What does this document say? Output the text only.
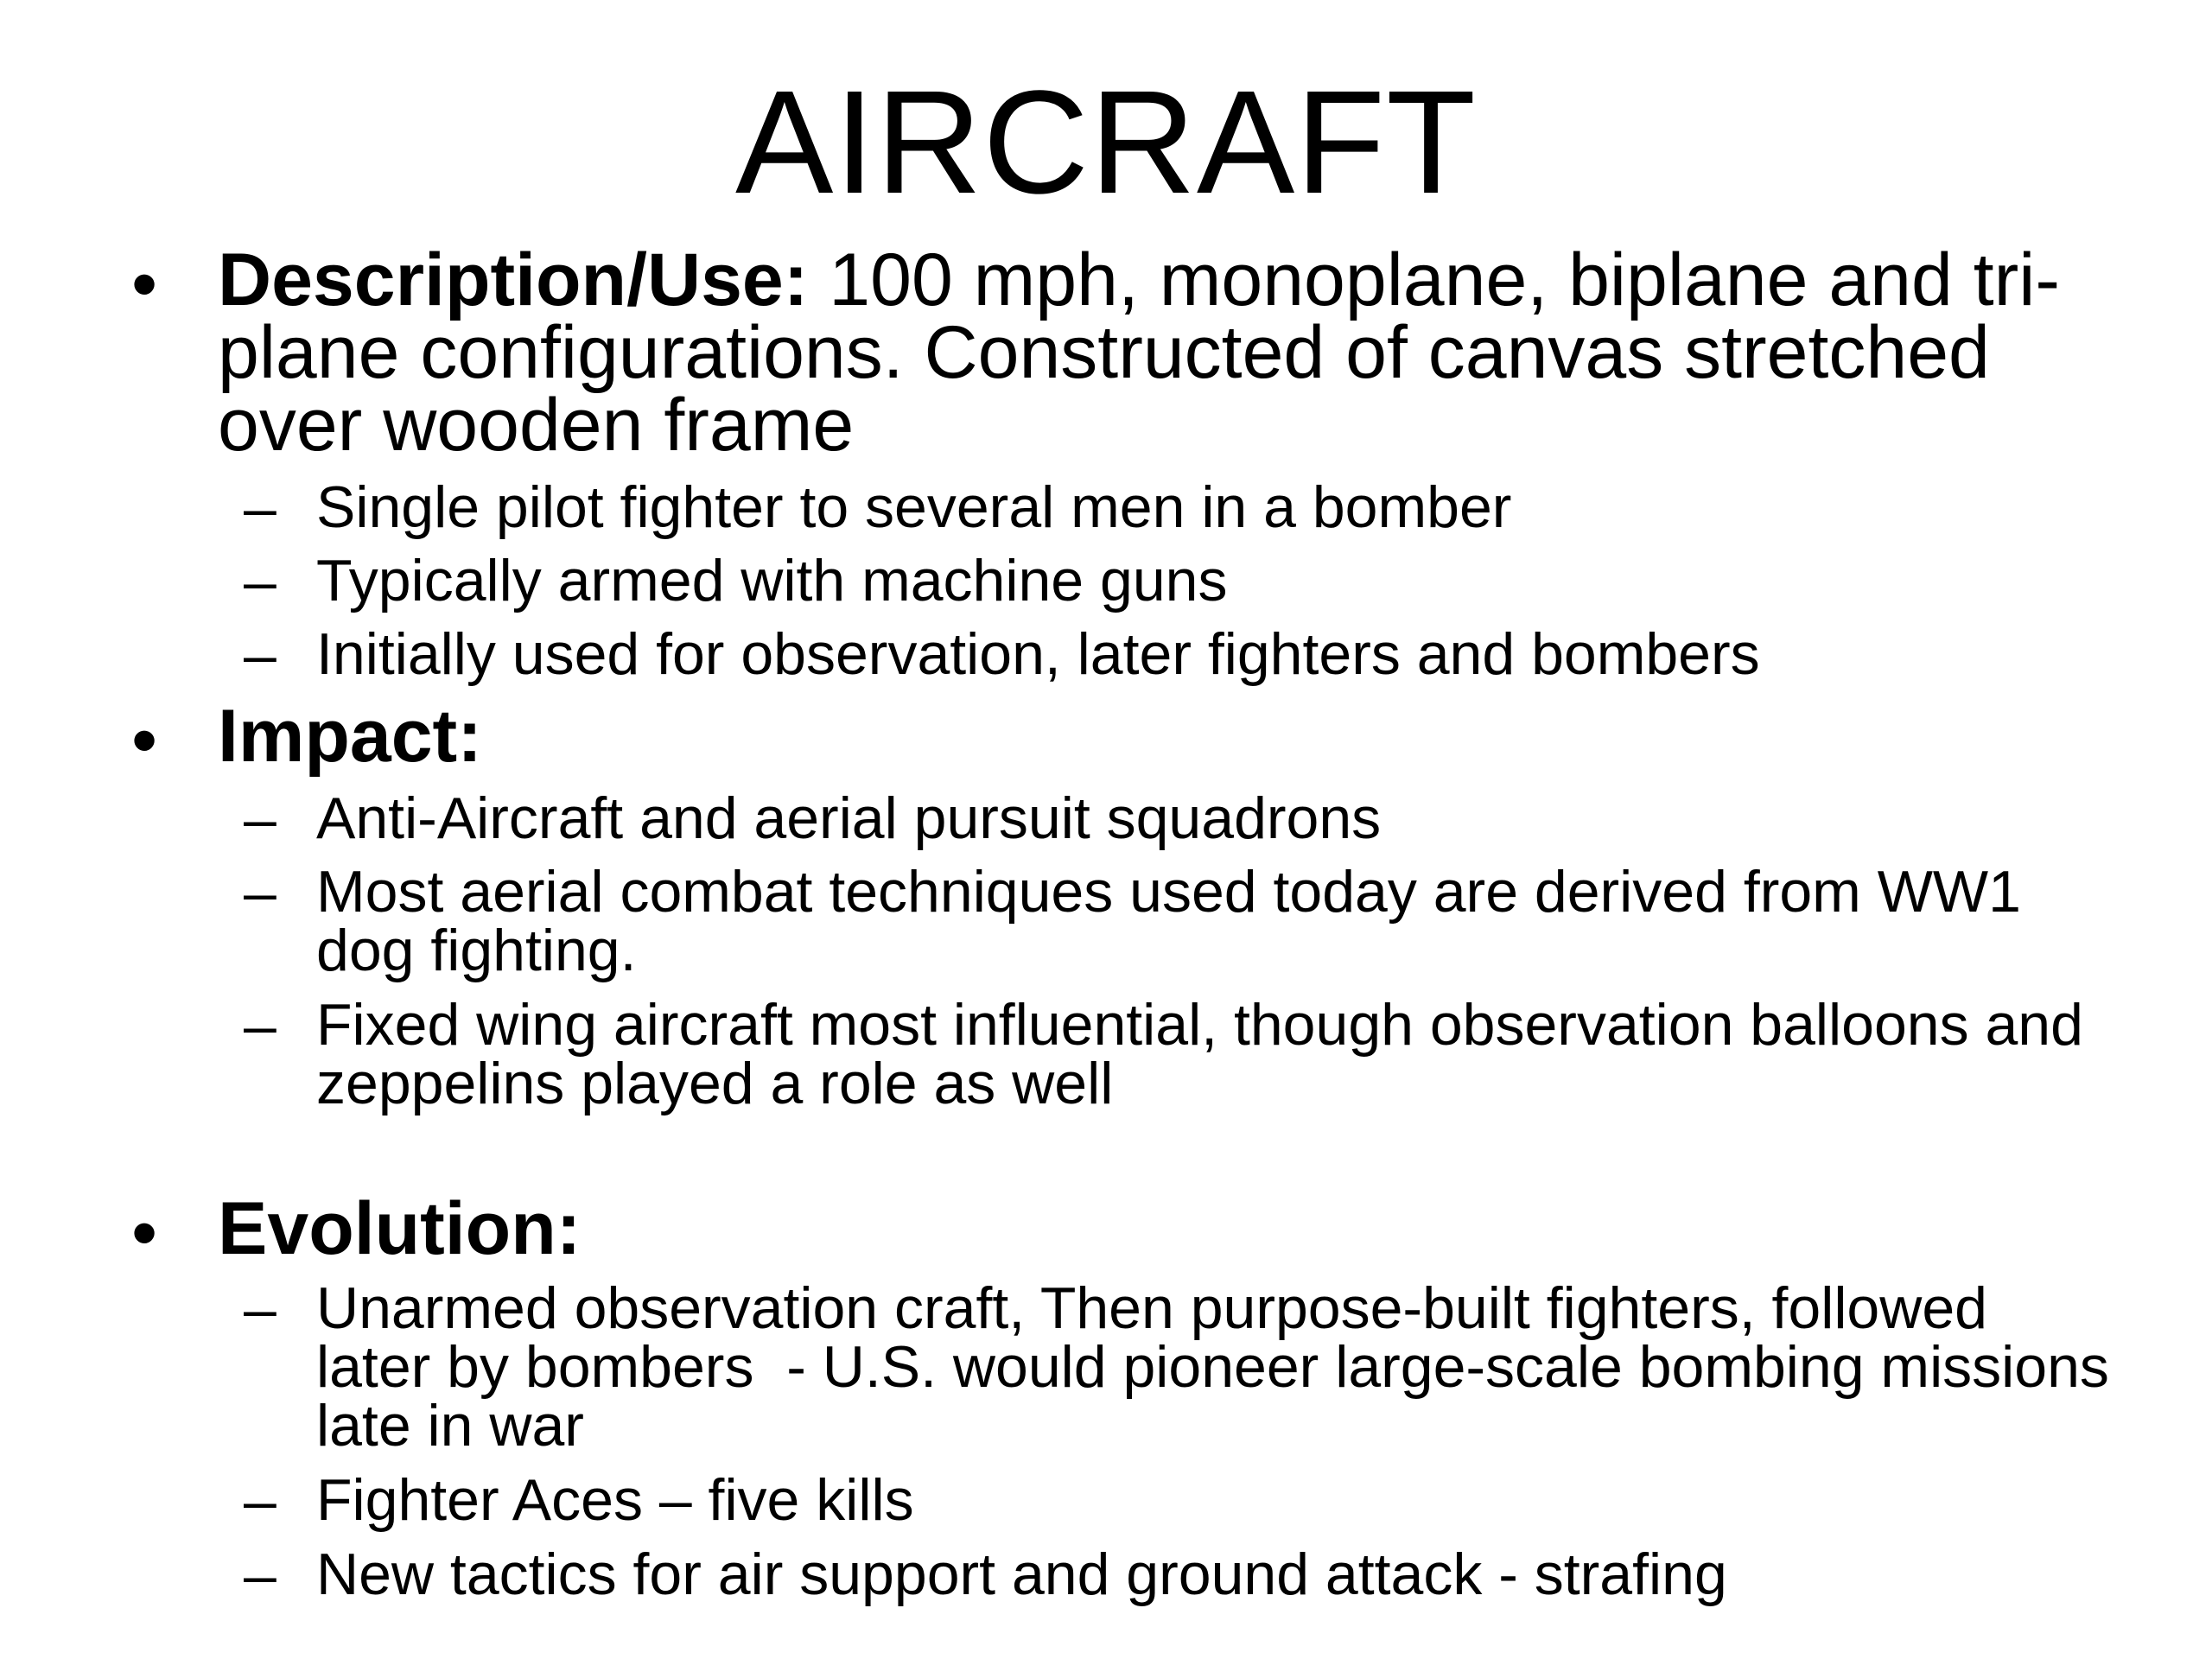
AIRCRAFT
• Description/Use: 100 mph, monoplane, biplane and tri-plane configurations. Constructed of canvas stretched over wooden frame
– Single pilot fighter to several men in a bomber
– Typically armed with machine guns
– Initially used for observation, later fighters and bombers
• Impact:
– Anti-Aircraft and aerial pursuit squadrons
– Most aerial combat techniques used today are derived from WW1 dog fighting.
– Fixed wing aircraft most influential, though observation balloons and zeppelins played a role as well
• Evolution:
– Unarmed observation craft, Then purpose-built fighters, followed later by bombers  - U.S. would pioneer large-scale bombing missions late in war
– Fighter Aces – five kills
– New tactics for air support and ground attack - strafing
